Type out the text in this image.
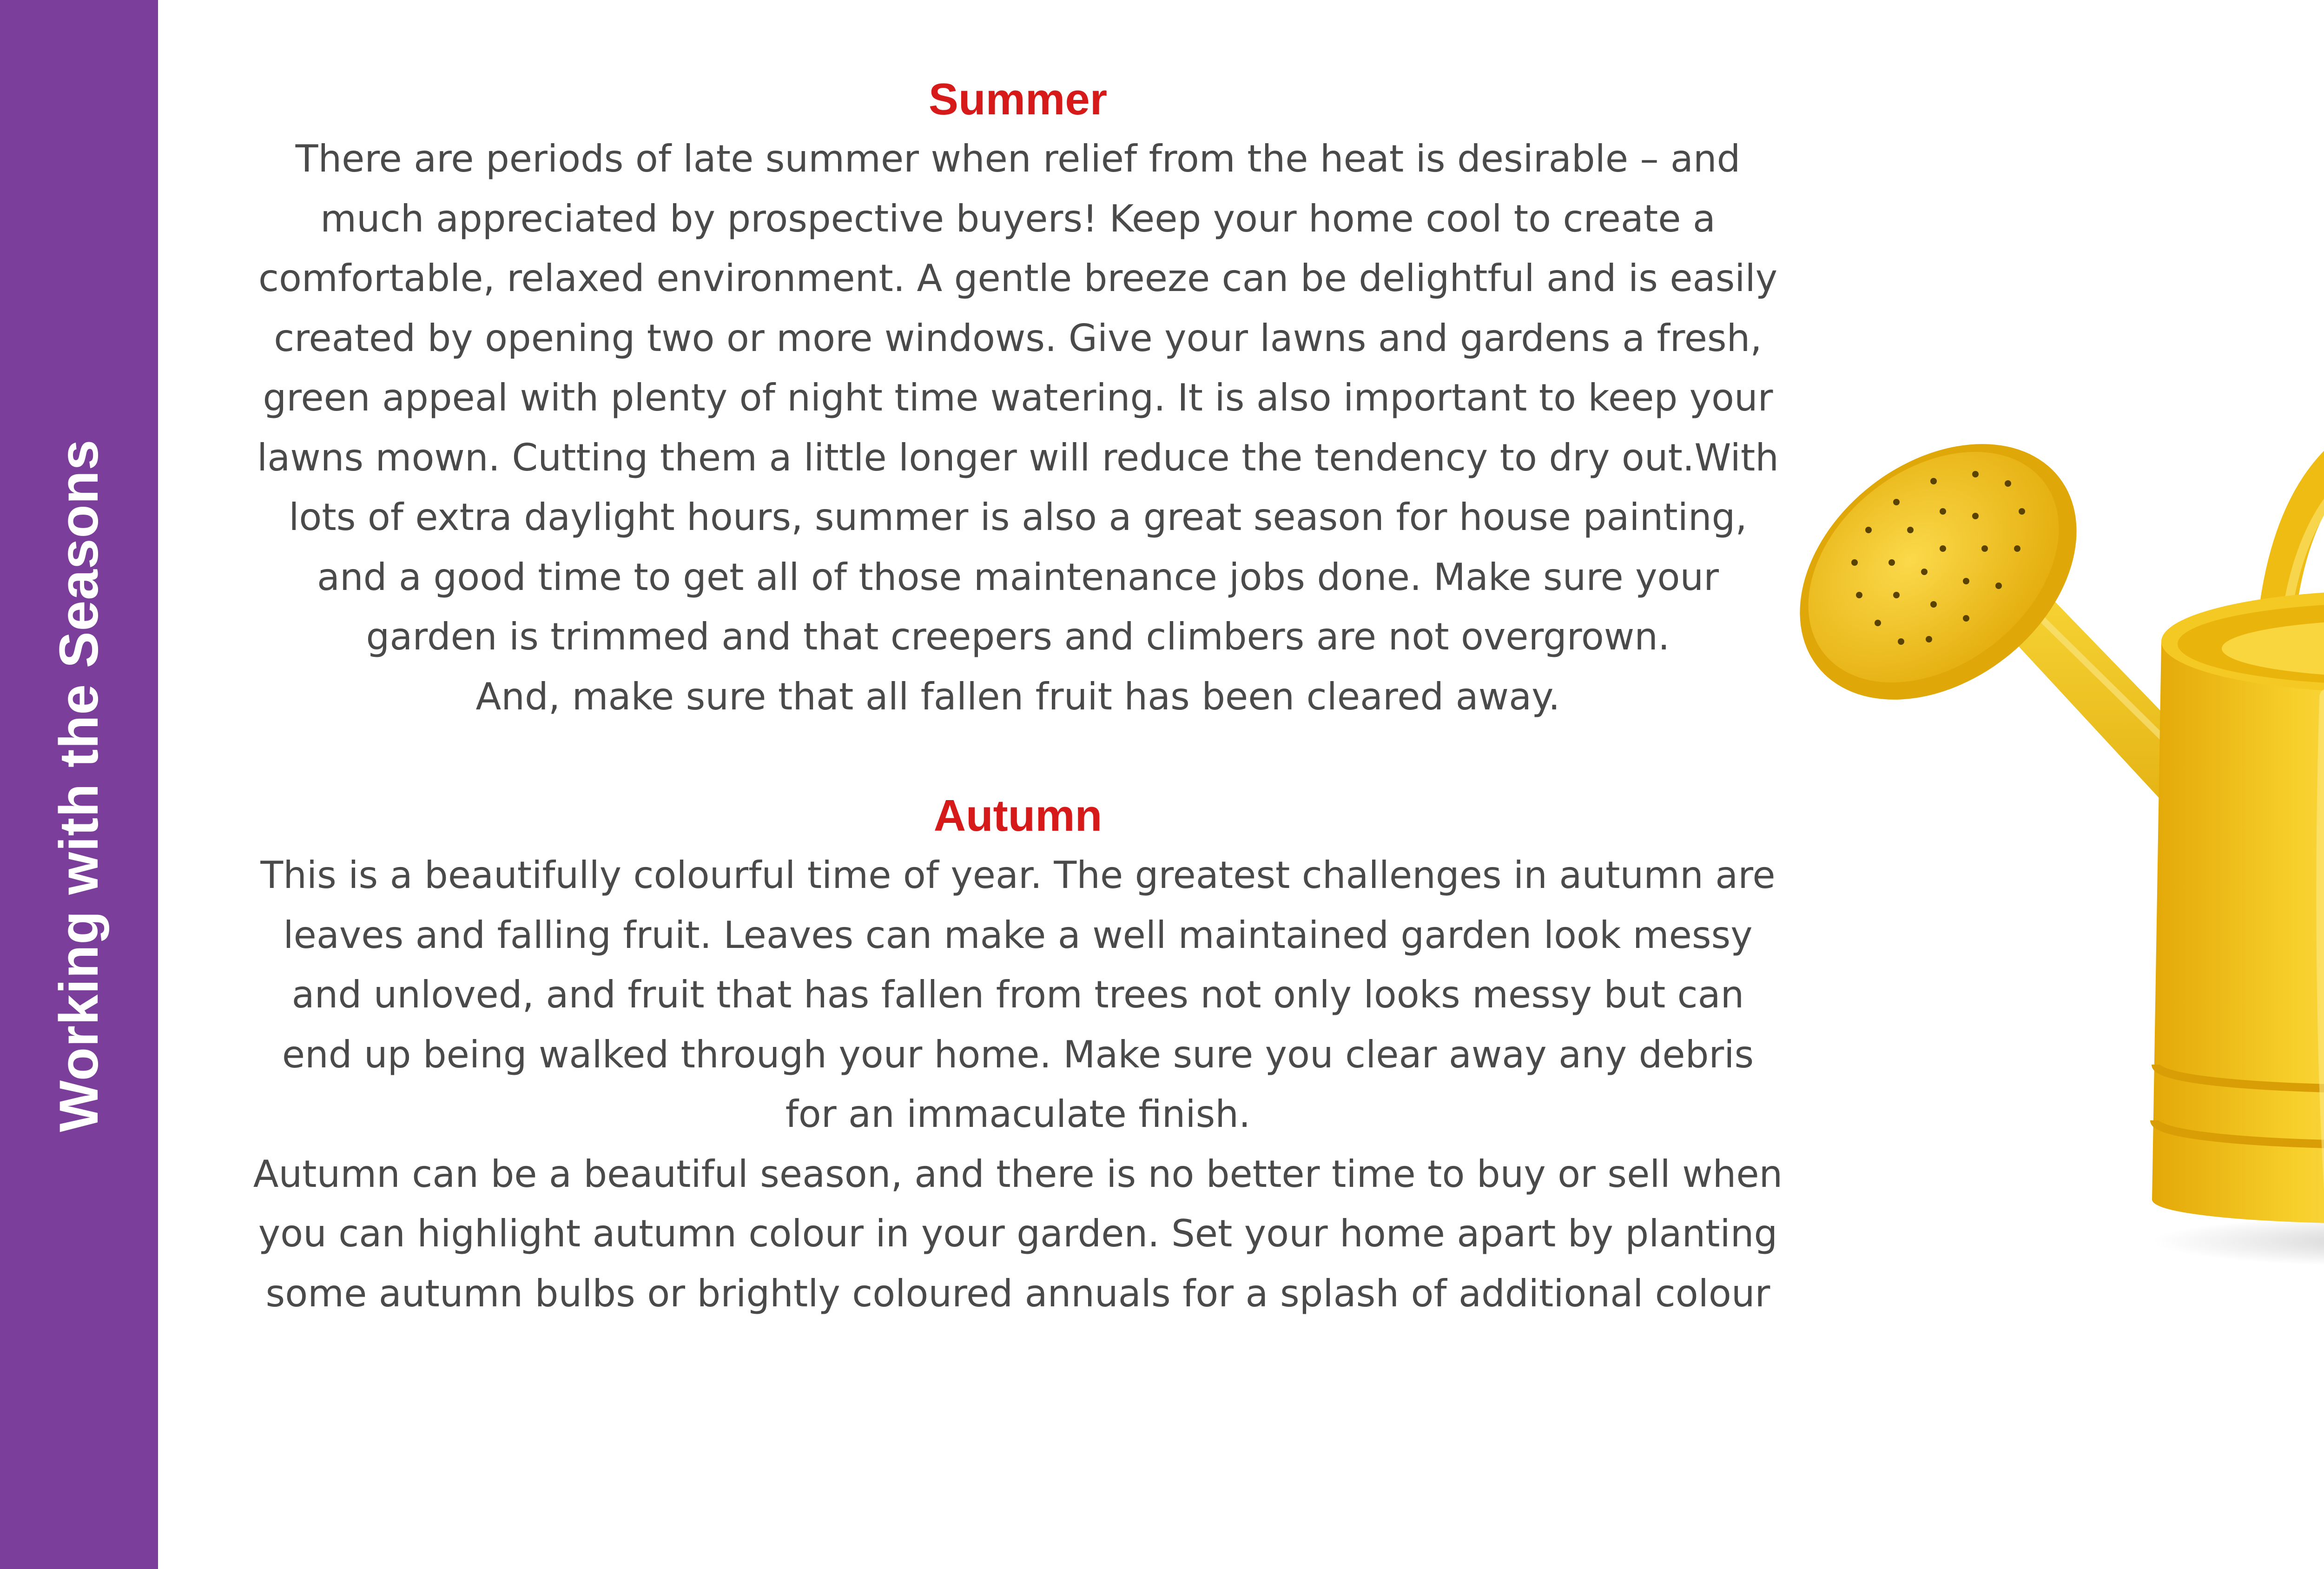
Working with the Seasons
Summer

There are periods of late summer when relief from the heat is desirable – and much appreciated by prospective buyers! Keep your home cool to create a comfortable, relaxed environment. A gentle breeze can be delightful and is easily created by opening two or more windows. Give your lawns and gardens a fresh, green appeal with plenty of night time watering. It is also important to keep your lawns mown. Cutting them a little longer will reduce the tendency to dry out.With lots of extra daylight hours, summer is also a great season for house painting, and a good time to get all of those maintenance jobs done. Make sure your garden is trimmed and that creepers and climbers are not overgrown.

And, make sure that all fallen fruit has been cleared away.

Autumn

This is a beautifully colourful time of year. The greatest challenges in autumn are leaves and falling fruit. Leaves can make a well maintained garden look messy and unloved, and fruit that has fallen from trees not only looks messy but can end up being walked through your home. Make sure you clear away any debris for an immaculate finish.

Autumn can be a beautiful season, and there is no better time to buy or sell when you can highlight autumn colour in your garden. Set your home apart by planting some autumn bulbs or brightly coloured annuals for a splash of additional colour
